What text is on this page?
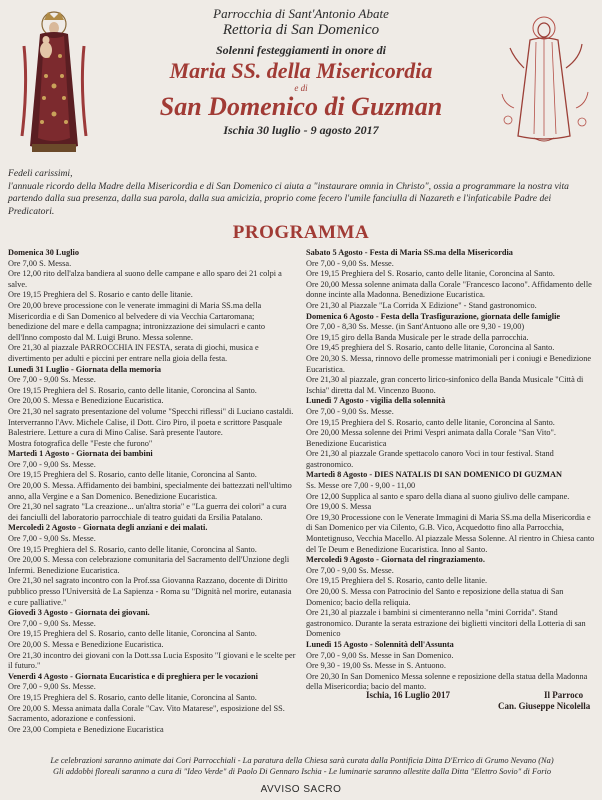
Parrocchia di Sant'Antonio Abate
Rettoria di San Domenico
Solenni festeggiamenti in onore di
Maria SS. della Misericordia
e di
San Domenico di Guzman
Ischia 30 luglio - 9 agosto 2017
Fedeli carissimi,
l'annuale ricordo della Madre della Misericordia e di San Domenico ci aiuta a "instaurare omnia in Christo", ossia a programmare la nostra vita partendo dalla sua presenza, dalla sua parola, dalla sua amicizia, proprio come fecero l'umile fanciulla di Nazareth e l'infaticabile Padre dei Predicatori.
PROGRAMMA
Domenica 30 Luglio
Ore 7,00 S. Messa.
Ore 12,00 rito dell'alza bandiera al suono delle campane e allo sparo dei 21 colpi a salve.
Ore 19,15 Preghiera del S. Rosario e canto delle litanie.
Ore 20,00 breve processione con le venerate immagini di Maria SS.ma della Misericordia e di San Domenico al belvedere di via Vecchia Cartaromana; benedizione del mare e della campagna; intronizzazione dei simulacri e canto dell'Inno composto dal M. Luigi Bruno. Messa solenne.
Ore 21,30 al piazzale PARROCCHIA IN FESTA, serata di giochi, musica e divertimento per adulti e piccini per entrare nella gioia della festa.
Lunedì 31 Luglio - Giornata della memoria
Ore 7,00 - 9,00 Ss. Messe.
Ore 19,15 Preghiera del S. Rosario, canto delle litanie, Coroncina al Santo.
Ore 20,00 S. Messa e Benedizione Eucaristica.
Ore 21,30 nel sagrato presentazione del volume "Specchi riflessi" di Luciano castaldi. Interverranno l'Avv. Michele Calise, il Dott. Ciro Piro, il poeta e scrittore Pasquale Balestriere. Letture a cura di Mino Calise. Sarà presente l'autore.
Mostra fotografica delle "Feste che furono"
Martedì 1 Agosto - Giornata dei bambini
Ore 7,00 - 9,00 Ss. Messe.
Ore 19,15 Preghiera del S. Rosario, canto delle litanie, Coroncina al Santo.
Ore 20,00 S. Messa. Affidamento dei bambini, specialmente dei battezzati nell'ultimo anno, alla Vergine e a San Domenico. Benedizione Eucaristica.
Ore 21,30 nel sagrato "La creazione... un'altra storia" e "La guerra dei colori" a cura dei fanciulli del laboratorio parrocchiale di teatro guidati da Ersilia Patalano.
Mercoledì 2 Agosto - Giornata degli anziani e dei malati.
Ore 7,00 - 9,00 Ss. Messe.
Ore 19,15 Preghiera del S. Rosario, canto delle litanie, Coroncina al Santo.
Ore 20,00 S. Messa con celebrazione comunitaria del Sacramento dell'Unzione degli Infermi. Benedizione Eucaristica.
Ore 21,30 nel sagrato incontro con la Prof.ssa Giovanna Razzano, docente di Diritto pubblico presso l'Università de La Sapienza - Roma su "Dignità nel morire, eutanasia e cure palliative."
Giovedì 3 Agosto - Giornata dei giovani.
Ore 7,00 - 9,00 Ss. Messe.
Ore 19,15 Preghiera del S. Rosario, canto delle litanie, Coroncina al Santo.
Ore 20,00 S. Messa e Benedizione Eucaristica.
Ore 21,30 incontro dei giovani con la Dott.ssa Lucia Esposito "I giovani e le scelte per il futuro."
Venerdì 4 Agosto - Giornata Eucaristica e di preghiera per le vocazioni
Ore 7,00 - 9,00 Ss. Messe.
Ore 19,15 Preghiera del S. Rosario, canto delle litanie, Coroncina al Santo.
Ore 20,00 S. Messa animata dalla Corale "Cav. Vito Matarese", esposizione del SS. Sacramento, adorazione e confessioni.
Ore 23,00 Compieta e Benedizione Eucaristica
Sabato 5 Agosto - Festa di Maria SS.ma della Misericordia
Ore 7,00 - 9,00 Ss. Messe.
Ore 19,15 Preghiera del S. Rosario, canto delle litanie, Coroncina al Santo.
Ore 20,00 Messa solenne animata dalla Corale "Francesco Iacono". Affidamento delle donne incinte alla Madonna. Benedizione Eucaristica.
Ore 21,30 al Piazzale "La Corrida X Edizione" - Stand gastronomico.
Domenica 6 Agosto - Festa della Trasfigurazione, giornata delle famiglie
Ore 7,00 - 8,30 Ss. Messe. (in Sant'Antuono alle ore 9,30 - 19,00)
Ore 19,15 giro della Banda Musicale per le strade della parrocchia.
Ore 19,45 preghiera del S. Rosario, canto delle litanie, Coroncina al Santo.
Ore 20,30 S. Messa, rinnovo delle promesse matrimoniali per i coniugi e Benedizione Eucaristica.
Ore 21,30 al piazzale, gran concerto lirico-sinfonico della Banda Musicale "Città di Ischia" diretta dal M. Vincenzo Buono.
Lunedì 7 Agosto - vigilia della solennità
Ore 7,00 - 9,00 Ss. Messe.
Ore 19,15 Preghiera del S. Rosario, canto delle litanie, Coroncina al Santo.
Ore 20,00 Messa solenne dei Primi Vespri animata dalla Corale "San Vito". Benedizione Eucaristica
Ore 21,30 al piazzale Grande spettacolo canoro Voci in tour festival. Stand gastronomico.
Martedì 8 Agosto - DIES NATALIS DI SAN DOMENICO DI GUZMAN
Ss. Messe ore 7,00 - 9,00 - 11,00
Ore 12,00 Supplica al santo e sparo della diana al suono giulivo delle campane.
Ore 19,00 S. Messa
Ore 19,30 Processione con le Venerate Immagini di Maria SS.ma della Misericordia e di San Domenico per via Cilento, G.B. Vico, Acquedotto fino alla Parrocchia, Montetignuso, Vecchia Macello. Al piazzale Messa Solenne. Al rientro in Chiesa canto del Te Deum e Benedizione Eucaristica. Inno al Santo.
Mercoledì 9 Agosto - Giornata del ringraziamento.
Ore 7,00 - 9,00 Ss. Messe.
Ore 19,15 Preghiera del S. Rosario, canto delle litanie.
Ore 20,00 S. Messa con Patrocinio del Santo e reposizione della statua di San Domenico; bacio della reliquia.
Ore 21,30 al piazzale i bambini si cimenteranno nella "mini Corrida". Stand gastronomico. Durante la serata estrazione dei biglietti vincitori della Lotteria di san Domenico
Lunedì 15 Agosto - Solennità dell'Assunta
Ore 7,00 - 9,00 Ss. Messe in San Domenico.
Ore 9,30 - 19,00 Ss. Messe in S. Antuono.
Ore 20,30 In San Domenico Messa solenne e reposizione della statua della Madonna della Misericordia; bacio del manto.
Ischia, 16 Luglio 2017	Il Parroco
Can. Giuseppe Nicolella
Le celebrazioni saranno animate dai Cori Parrocchiali - La paratura della Chiesa sarà curata dalla Pontificia Ditta D'Errico di Grumo Nevano (Na)
Gli addobbi floreali saranno a cura di "Ideo Verde" di Paolo Di Gennaro Ischia - Le luminarie saranno allestite dalla Ditta "Elettro Sovio" di Forio
AVVISO SACRO
